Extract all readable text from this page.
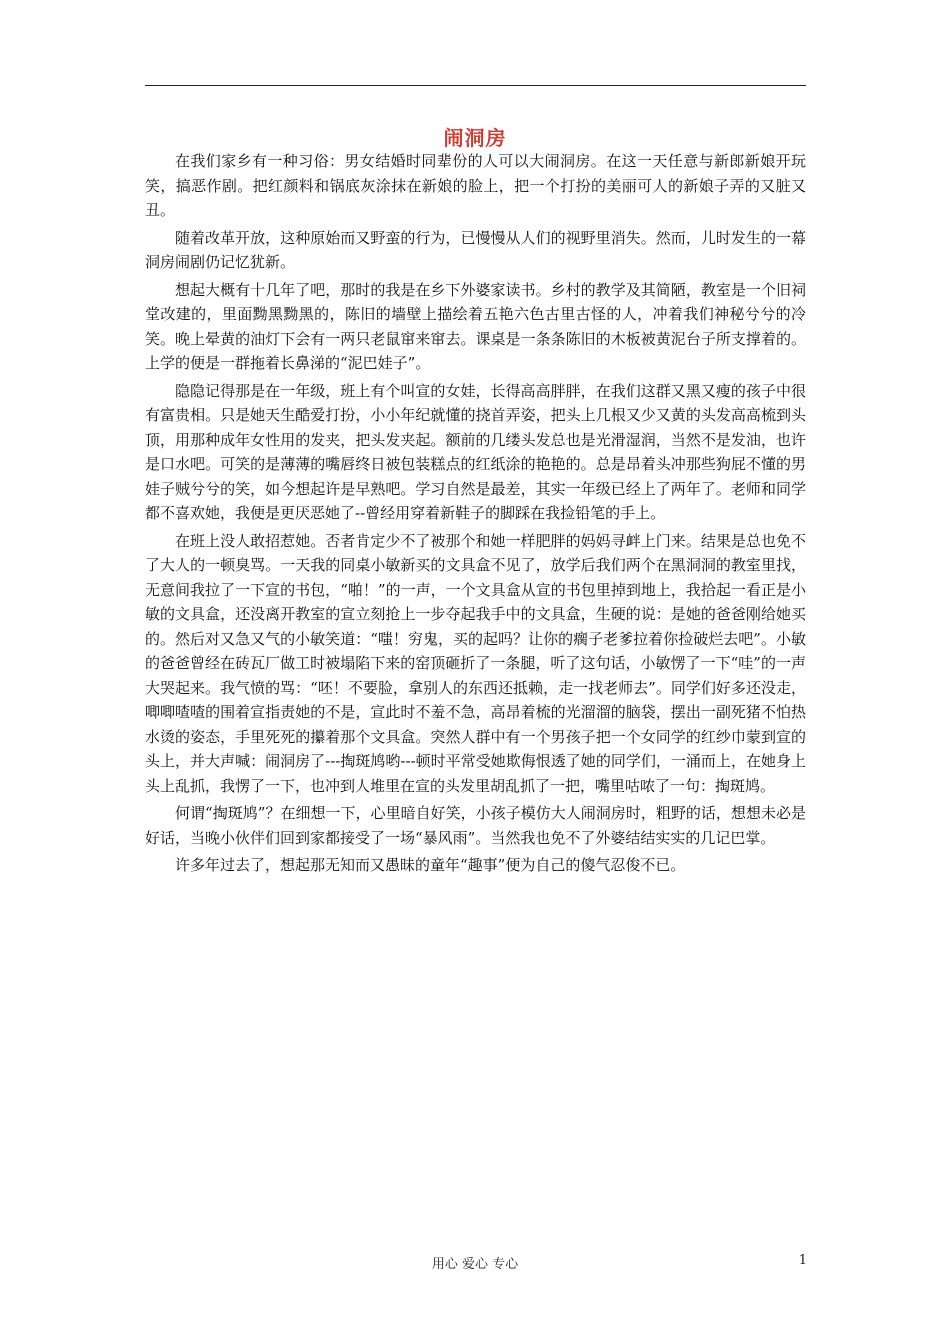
闹洞房

在我们家乡有一种习俗：男女结婚时同辈份的人可以大闹洞房。在这一天任意与新郎新娘开玩笑，搞恶作剧。把红颜料和锅底灰涂抹在新娘的脸上，把一个打扮的美丽可人的新娘子弄的又脏又丑。

随着改革开放，这种原始而又野蛮的行为，已慢慢从人们的视野里消失。然而，儿时发生的一幕洞房闹剧仍记忆犹新。

想起大概有十几年了吧，那时的我是在乡下外婆家读书。乡村的教学及其简陋，教室是一个旧祠堂改建的，里面黝黑黝黑的，陈旧的墙壁上描绘着五艳六色古里古怪的人，冲着我们神秘兮兮的冷笑。晚上晕黄的油灯下会有一两只老鼠窜来窜去。课桌是一条条陈旧的木板被黄泥台子所支撑着的。上学的便是一群拖着长鼻涕的“泥巴娃子”。

隐隐记得那是在一年级，班上有个叫宣的女娃，长得高高胖胖，在我们这群又黑又瘦的孩子中很有富贵相。只是她天生酷爱打扮，小小年纪就懂的挠首弄姿，把头上几根又少又黄的头发高高梳到头顶，用那种成年女性用的发夹，把头发夹起。额前的几缕头发总也是光滑湿润，当然不是发油，也许是口水吧。可笑的是薄薄的嘴唇终日被包装糕点的红纸涂的艳艳的。总是昂着头冲那些狗屁不懂的男娃子贼兮兮的笑，如今想起许是早熟吧。学习自然是最差，其实一年级已经上了两年了。老师和同学都不喜欢她，我便是更厌恶她了--曾经用穿着新鞋子的脚踩在我捡铅笔的手上。

在班上没人敢招惹她。否者肯定少不了被那个和她一样肥胖的妈妈寻衅上门来。结果是总也免不了大人的一顿臭骂。一天我的同桌小敏新买的文具盒不见了，放学后我们两个在黑洞洞的教室里找，无意间我拉了一下宣的书包，“啪！”的一声，一个文具盒从宣的书包里掉到地上，我拾起一看正是小敏的文具盒，还没离开教室的宣立刻抢上一步夺起我手中的文具盒，生硬的说：是她的爸爸刚给她买的。然后对又急又气的小敏笑道：“嗤！穷鬼，买的起吗？让你的瘸子老爹拉着你捡破烂去吧”。小敏的爸爸曾经在砖瓦厂做工时被塌陷下来的窑顶砸折了一条腿，听了这句话，小敏愣了一下“哇”的一声大哭起来。我气愤的骂：“呸！不要脸，拿别人的东西还抵赖，走一找老师去”。同学们好多还没走，唧唧喳喳的围着宣指责她的不是，宣此时不羞不急，高昂着梳的光溜溜的脑袋，摆出一副死猪不怕热水烫的姿态，手里死死的攥着那个文具盒。突然人群中有一个男孩子把一个女同学的红纱巾蒙到宣的头上，并大声喊：闹洞房了---掏斑鸠哟---顿时平常受她欺侮恨透了她的同学们，一涌而上，在她身上头上乱抓，我愣了一下，也冲到人堆里在宣的头发里胡乱抓了一把，嘴里咕哝了一句：掏斑鸠。

何谓“掏斑鸠”？在细想一下，心里暗自好笑，小孩子模仿大人闹洞房时，粗野的话，想想未必是好话，当晚小伙伴们回到家都接受了一场“暴风雨”。当然我也免不了外婆结结实实的几记巴掌。

许多年过去了，想起那无知而又愚昧的童年“趣事”便为自己的傻气忍俊不已。

用心 爱心 专心	1
